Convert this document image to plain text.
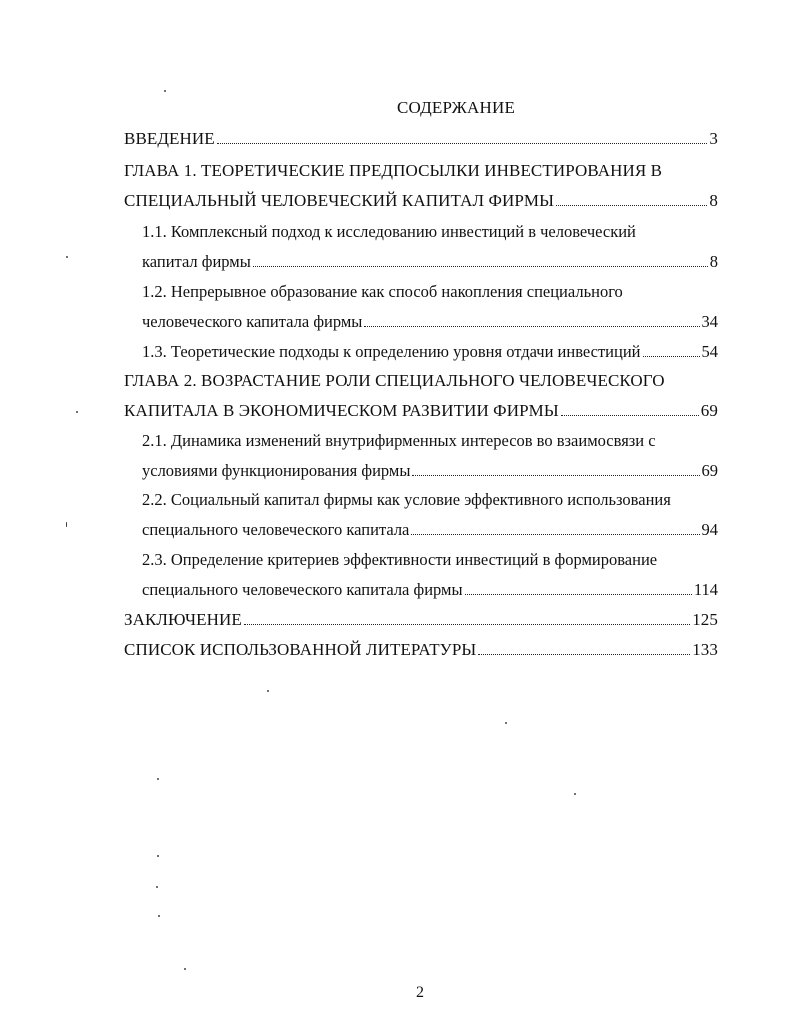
СОДЕРЖАНИЕ
ВВЕДЕНИЕ	3
ГЛАВА 1. ТЕОРЕТИЧЕСКИЕ ПРЕДПОСЫЛКИ ИНВЕСТИРОВАНИЯ В
СПЕЦИАЛЬНЫЙ ЧЕЛОВЕЧЕСКИЙ КАПИТАЛ ФИРМЫ	8
1.1. Комплексный подход к исследованию инвестиций в человеческий
капитал фирмы	8
1.2. Непрерывное образование как способ накопления специального
человеческого капитала фирмы	34
1.3. Теоретические подходы к определению уровня отдачи инвестиций	54
ГЛАВА 2. ВОЗРАСТАНИЕ РОЛИ СПЕЦИАЛЬНОГО ЧЕЛОВЕЧЕСКОГО
КАПИТАЛА В ЭКОНОМИЧЕСКОМ РАЗВИТИИ ФИРМЫ	69
2.1. Динамика изменений внутрифирменных интересов во взаимосвязи с
условиями функционирования фирмы	69
2.2. Социальный капитал фирмы как условие эффективного использования
специального человеческого капитала	94
2.3. Определение критериев эффективности инвестиций в формирование
специального человеческого капитала фирмы	114
ЗАКЛЮЧЕНИЕ	125
СПИСОК ИСПОЛЬЗОВАННОЙ ЛИТЕРАТУРЫ	133
2
